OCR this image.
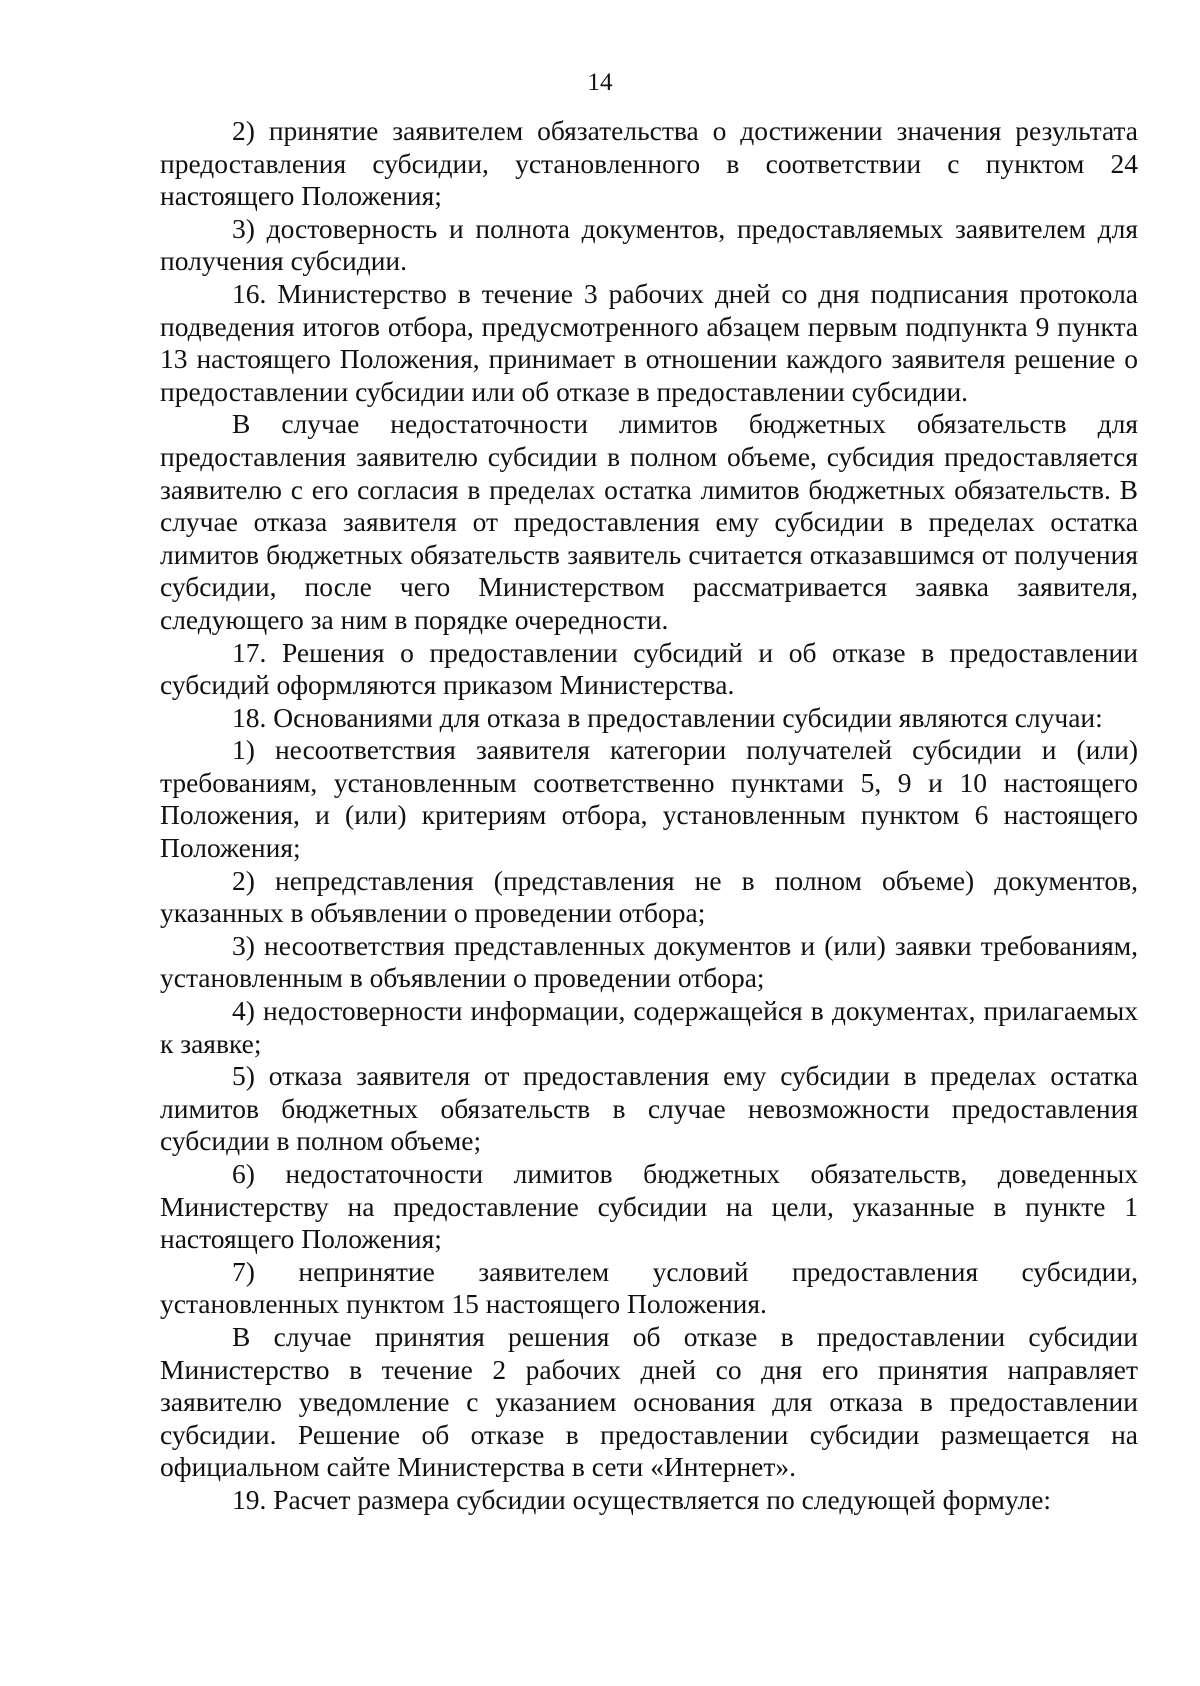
14

2) принятие заявителем обязательства о достижении значения результата предоставления субсидии, установленного в соответствии с пунктом 24 настоящего Положения;

3) достоверность и полнота документов, предоставляемых заявителем для получения субсидии.

16. Министерство в течение 3 рабочих дней со дня подписания протокола подведения итогов отбора, предусмотренного абзацем первым подпункта 9 пункта 13 настоящего Положения, принимает в отношении каждого заявителя решение о предоставлении субсидии или об отказе в предоставлении субсидии.

В случае недостаточности лимитов бюджетных обязательств для предоставления заявителю субсидии в полном объеме, субсидия предоставляется заявителю с его согласия в пределах остатка лимитов бюджетных обязательств. В случае отказа заявителя от предоставления ему субсидии в пределах остатка лимитов бюджетных обязательств заявитель считается отказавшимся от получения субсидии, после чего Министерством рассматривается заявка заявителя, следующего за ним в порядке очередности.

17. Решения о предоставлении субсидий и об отказе в предоставлении субсидий оформляются приказом Министерства.

18. Основаниями для отказа в предоставлении субсидии являются случаи:

1) несоответствия заявителя категории получателей субсидии и (или) требованиям, установленным соответственно пунктами 5, 9 и 10 настоящего Положения, и (или) критериям отбора, установленным пунктом 6 настоящего Положения;

2) непредставления (представления не в полном объеме) документов, указанных в объявлении о проведении отбора;

3) несоответствия представленных документов и (или) заявки требованиям, установленным в объявлении о проведении отбора;

4) недостоверности информации, содержащейся в документах, прилагаемых к заявке;

5) отказа заявителя от предоставления ему субсидии в пределах остатка лимитов бюджетных обязательств в случае невозможности предоставления субсидии в полном объеме;

6) недостаточности лимитов бюджетных обязательств, доведенных Министерству на предоставление субсидии на цели, указанные в пункте 1 настоящего Положения;

7) непринятие заявителем условий предоставления субсидии, установленных пунктом 15 настоящего Положения.

В случае принятия решения об отказе в предоставлении субсидии Министерство в течение 2 рабочих дней со дня его принятия направляет заявителю уведомление с указанием основания для отказа в предоставлении субсидии. Решение об отказе в предоставлении субсидии размещается на официальном сайте Министерства в сети «Интернет».

19. Расчет размера субсидии осуществляется по следующей формуле:
